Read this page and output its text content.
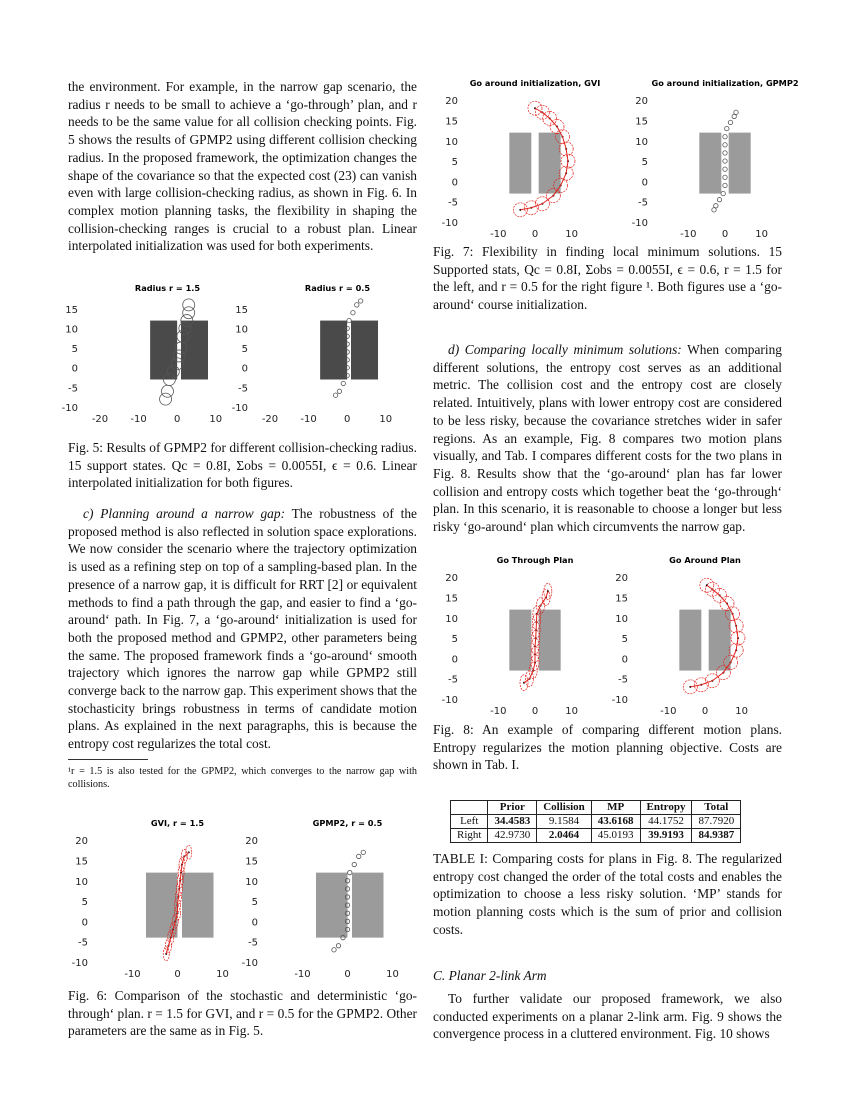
the environment. For example, in the narrow gap scenario, the radius r needs to be small to achieve a ‘go-through’ plan, and r needs to be the same value for all collision checking points. Fig. 5 shows the results of GPMP2 using different collision checking radius. In the proposed framework, the optimization changes the shape of the covariance so that the expected cost (23) can vanish even with large collision-checking radius, as shown in Fig. 6. In complex motion planning tasks, the flexibility in shaping the collision-checking ranges is crucial to a robust plan. Linear interpolated initialization was used for both experiments.

Radius r = 1.5
15
10
5
0
-5
-10
-20 -10	0	10
Radius r = 0.5
15
10
5
0
-5
-10
-20 -10	0	10
Fig. 5: Results of GPMP2 for different collision-checking radius. 15 support states. Qc = 0.8I, Σobs = 0.0055I, ϵ = 0.6. Linear interpolated initialization for both figures.

c) Planning around a narrow gap: The robustness of the proposed method is also reflected in solution space explorations. We now consider the scenario where the trajectory optimization is used as a refining step on top of a sampling-based plan. In the presence of a narrow gap, it is difficult for RRT [2] or equivalent methods to find a path through the gap, and easier to find a ‘go-around‘ path. In Fig. 7, a ‘go-around‘ initialization is used for both the proposed method and GPMP2, other parameters being the same. The proposed framework finds a ‘go-around‘ smooth trajectory which ignores the narrow gap while GPMP2 still converge back to the narrow gap. This experiment shows that the stochasticity brings robustness in terms of candidate motion plans. As explained in the next paragraphs, this is because the entropy cost regularizes the total cost.

¹r = 1.5 is also tested for the GPMP2, which converges to the narrow gap with collisions.
GVI, r = 1.5
20
15
10
5
0
-5
-10
-10	0	10
GPMP2, r = 0.5
20
15
10
5
0
-5
-10
-10	0	10
Fig. 6: Comparison of the stochastic and deterministic ‘go-through‘ plan. r = 1.5 for GVI, and r = 0.5 for the GPMP2. Other parameters are the same as in Fig. 5.
Go around initialization, GVI
20
15
10
5
0
-5
-10
-10	0	10
Go around initialization, GPMP2
20
15
10
5
0
-5
-10
-10	0	10
Fig. 7: Flexibility in finding local minimum solutions. 15 Supported stats, Qc = 0.8I, Σobs = 0.0055I, ϵ = 0.6, r = 1.5 for the left, and r = 0.5 for the right figure ¹. Both figures use a ‘go-around‘ course initialization.

d) Comparing locally minimum solutions: When comparing different solutions, the entropy cost serves as an additional metric. The collision cost and the entropy cost are closely related. Intuitively, plans with lower entropy cost are considered to be less risky, because the covariance stretches wider in safer regions. As an example, Fig. 8 compares two motion plans visually, and Tab. I compares different costs for the two plans in Fig. 8. Results show that the ‘go-around‘ plan has far lower collision and entropy costs which together beat the ‘go-through‘ plan. In this scenario, it is reasonable to choose a longer but less risky ‘go-around‘ plan which circumvents the narrow gap.

Go Through Plan
20
15
10
5
0
-5
-10
-10	0	10
Go Around Plan
20
15
10
5
0
-5
-10
-10	0	10
Fig. 8: An example of comparing different motion plans. Entropy regularizes the motion planning objective. Costs are shown in Tab. I.
	Prior	Collision	MP	Entropy	Total
Left	34.4583	9.1584	43.6168	44.1752	87.7920
Right	42.9730	2.0464	45.0193	39.9193	84.9387
TABLE I: Comparing costs for plans in Fig. 8. The regularized entropy cost changed the order of the total costs and enables the optimization to choose a less risky solution. ‘MP’ stands for motion planning costs which is the sum of prior and collision costs.
C. Planar 2-link Arm

To further validate our proposed framework, we also conducted experiments on a planar 2-link arm. Fig. 9 shows the convergence process in a cluttered environment. Fig. 10 shows
